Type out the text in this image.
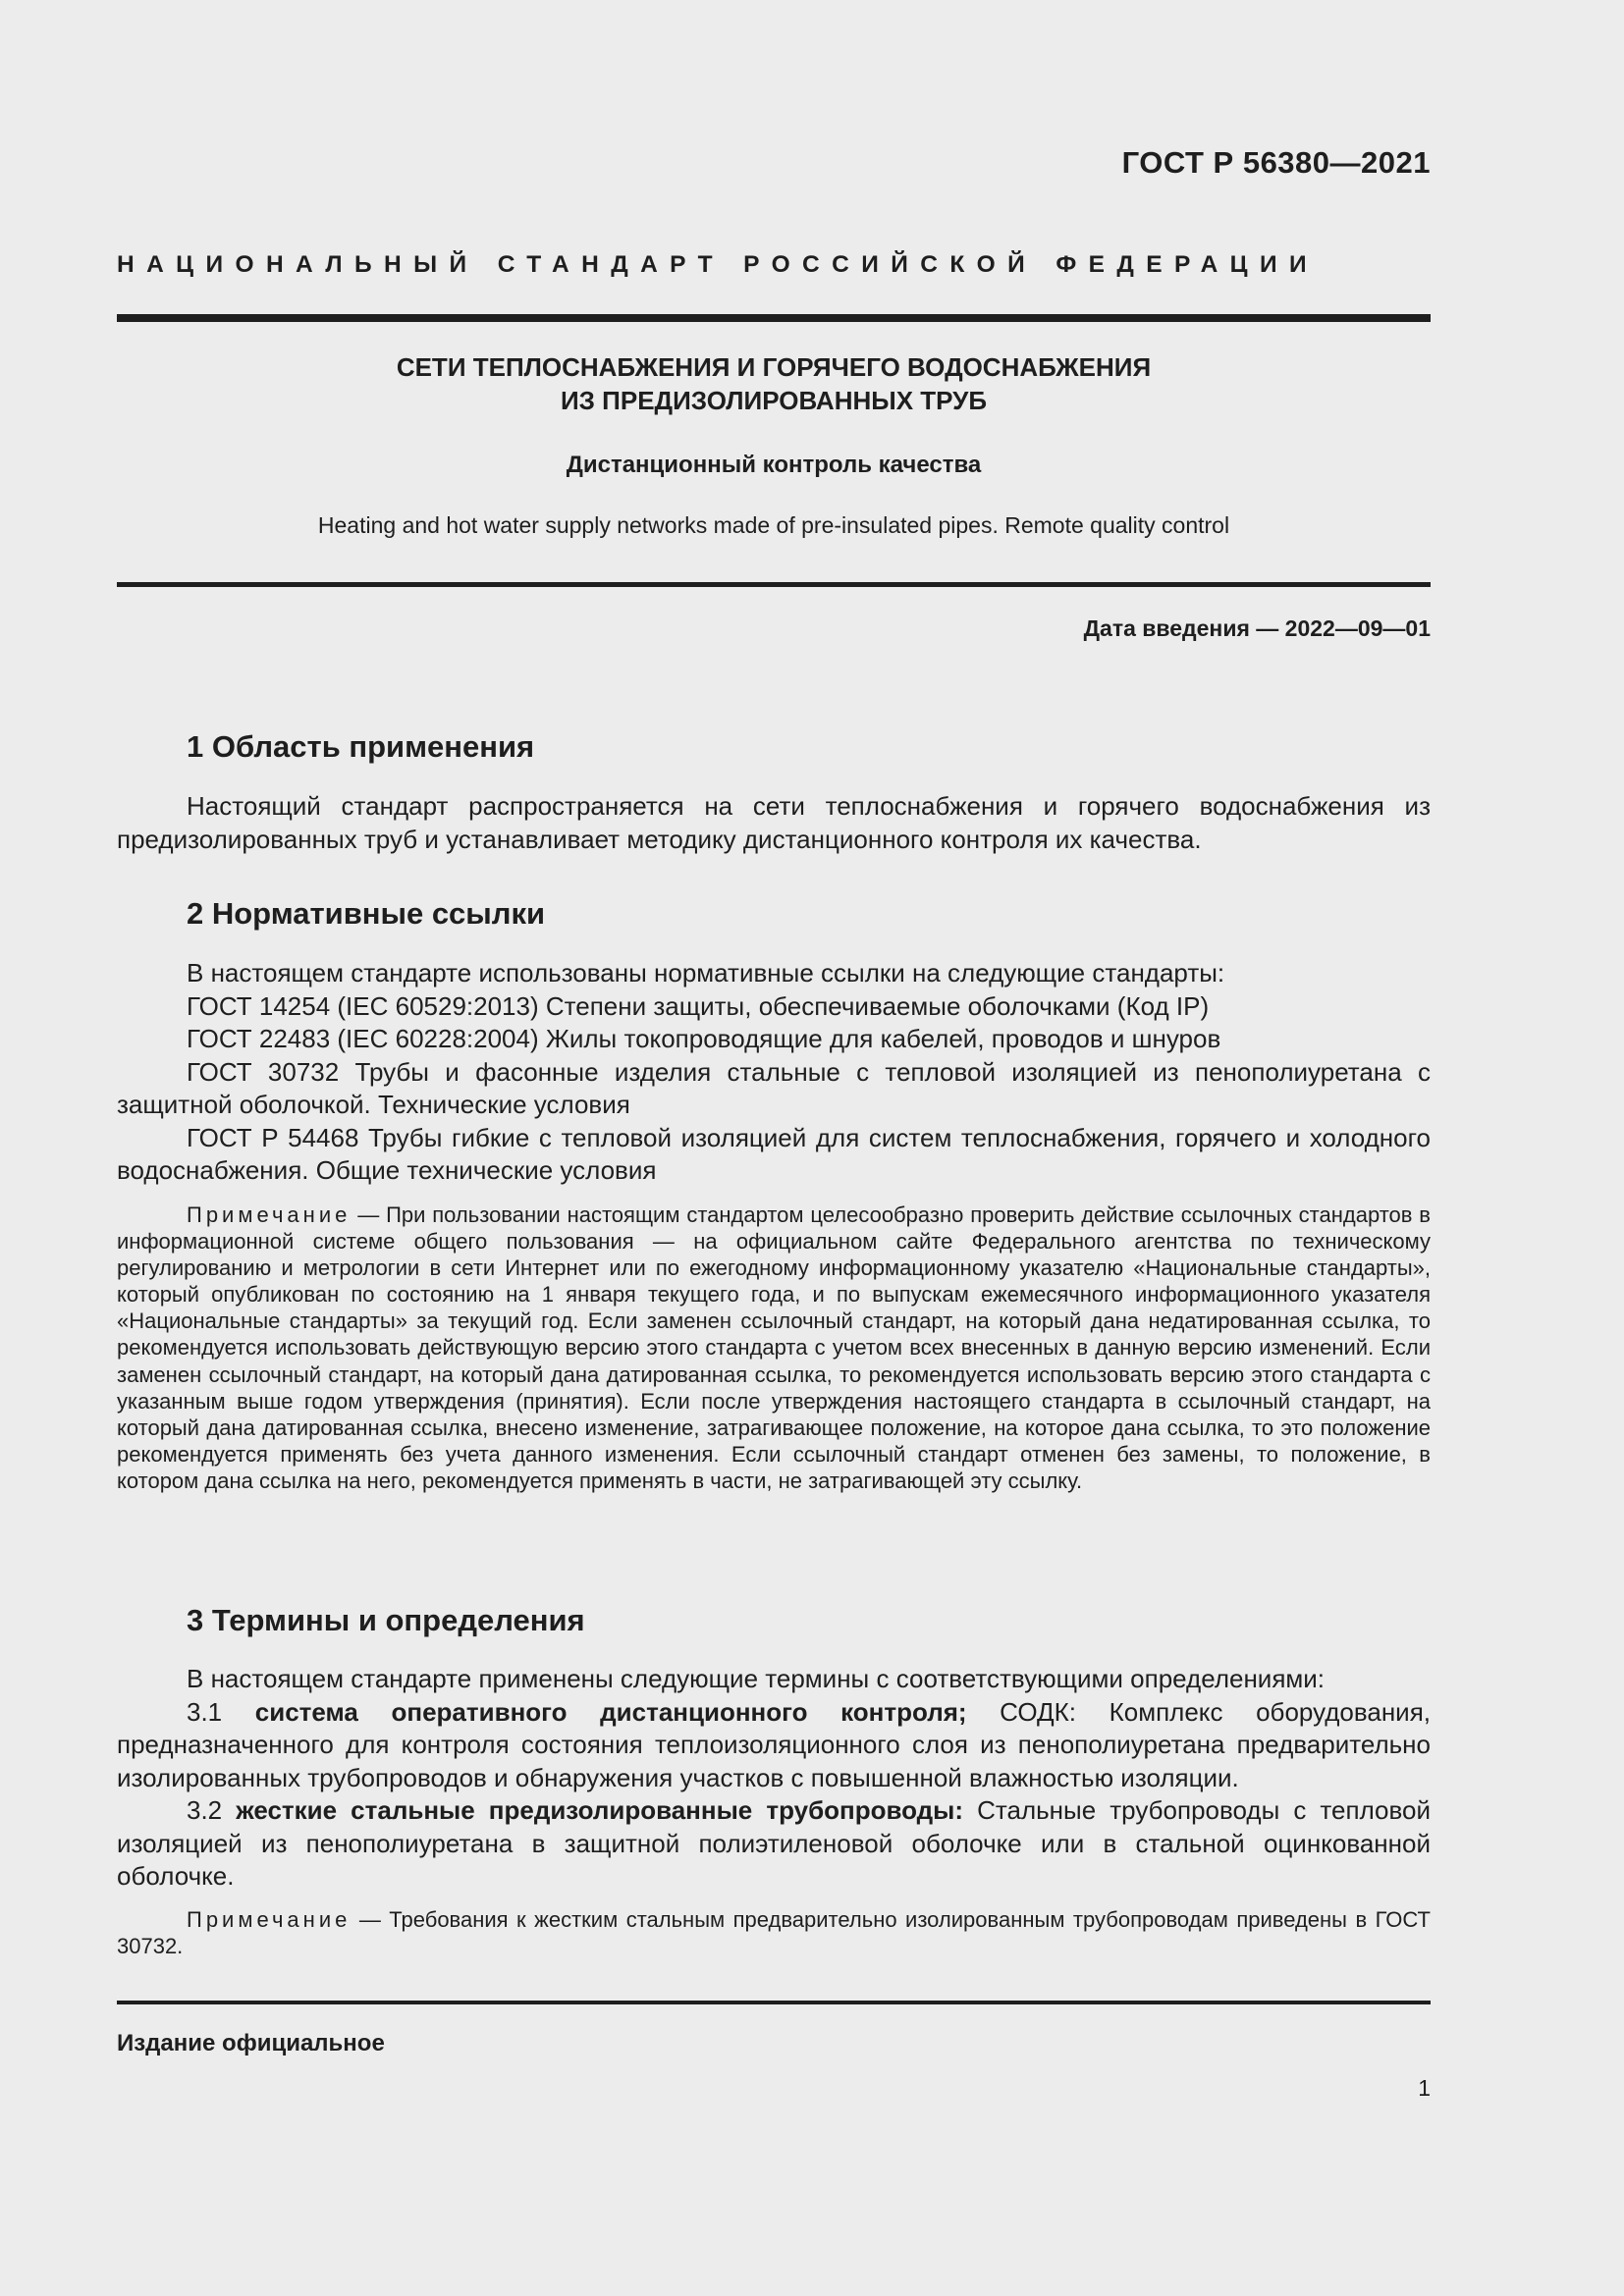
ГОСТ Р 56380—2021
НАЦИОНАЛЬНЫЙ СТАНДАРТ РОССИЙСКОЙ ФЕДЕРАЦИИ
СЕТИ ТЕПЛОСНАБЖЕНИЯ И ГОРЯЧЕГО ВОДОСНАБЖЕНИЯ
ИЗ ПРЕДИЗОЛИРОВАННЫХ ТРУБ
Дистанционный контроль качества
Heating and hot water supply networks made of pre-insulated pipes. Remote quality control
Дата введения — 2022—09—01
1 Область применения

Настоящий стандарт распространяется на сети теплоснабжения и горячего водоснабжения из предизолированных труб и устанавливает методику дистанционного контроля их качества.

2 Нормативные ссылки

В настоящем стандарте использованы нормативные ссылки на следующие стандарты:

ГОСТ 14254 (IEC 60529:2013) Степени защиты, обеспечиваемые оболочками (Код IP)

ГОСТ 22483 (IEC 60228:2004) Жилы токопроводящие для кабелей, проводов и шнуров

ГОСТ 30732 Трубы и фасонные изделия стальные с тепловой изоляцией из пенополиуретана с защитной оболочкой. Технические условия

ГОСТ Р 54468 Трубы гибкие с тепловой изоляцией для систем теплоснабжения, горячего и холодного водоснабжения. Общие технические условия

Примечание — При пользовании настоящим стандартом целесообразно проверить действие ссылочных стандартов в информационной системе общего пользования — на официальном сайте Федерального агентства по техническому регулированию и метрологии в сети Интернет или по ежегодному информационному указателю «Национальные стандарты», который опубликован по состоянию на 1 января текущего года, и по выпускам ежемесячного информационного указателя «Национальные стандарты» за текущий год. Если заменен ссылочный стандарт, на который дана недатированная ссылка, то рекомендуется использовать действующую версию этого стандарта с учетом всех внесенных в данную версию изменений. Если заменен ссылочный стандарт, на который дана датированная ссылка, то рекомендуется использовать версию этого стандарта с указанным выше годом утверждения (принятия). Если после утверждения настоящего стандарта в ссылочный стандарт, на который дана датированная ссылка, внесено изменение, затрагивающее положение, на которое дана ссылка, то это положение рекомендуется применять без учета данного изменения. Если ссылочный стандарт отменен без замены, то положение, в котором дана ссылка на него, рекомендуется применять в части, не затрагивающей эту ссылку.

3 Термины и определения

В настоящем стандарте применены следующие термины с соответствующими определениями:

3.1 система оперативного дистанционного контроля; СОДК: Комплекс оборудования, предназначенного для контроля состояния теплоизоляционного слоя из пенополиуретана предварительно изолированных трубопроводов и обнаружения участков с повышенной влажностью изоляции.

3.2 жесткие стальные предизолированные трубопроводы: Стальные трубопроводы с тепловой изоляцией из пенополиуретана в защитной полиэтиленовой оболочке или в стальной оцинкованной оболочке.

Примечание — Требования к жестким стальным предварительно изолированным трубопроводам приведены в ГОСТ 30732.

Издание официальное
1
